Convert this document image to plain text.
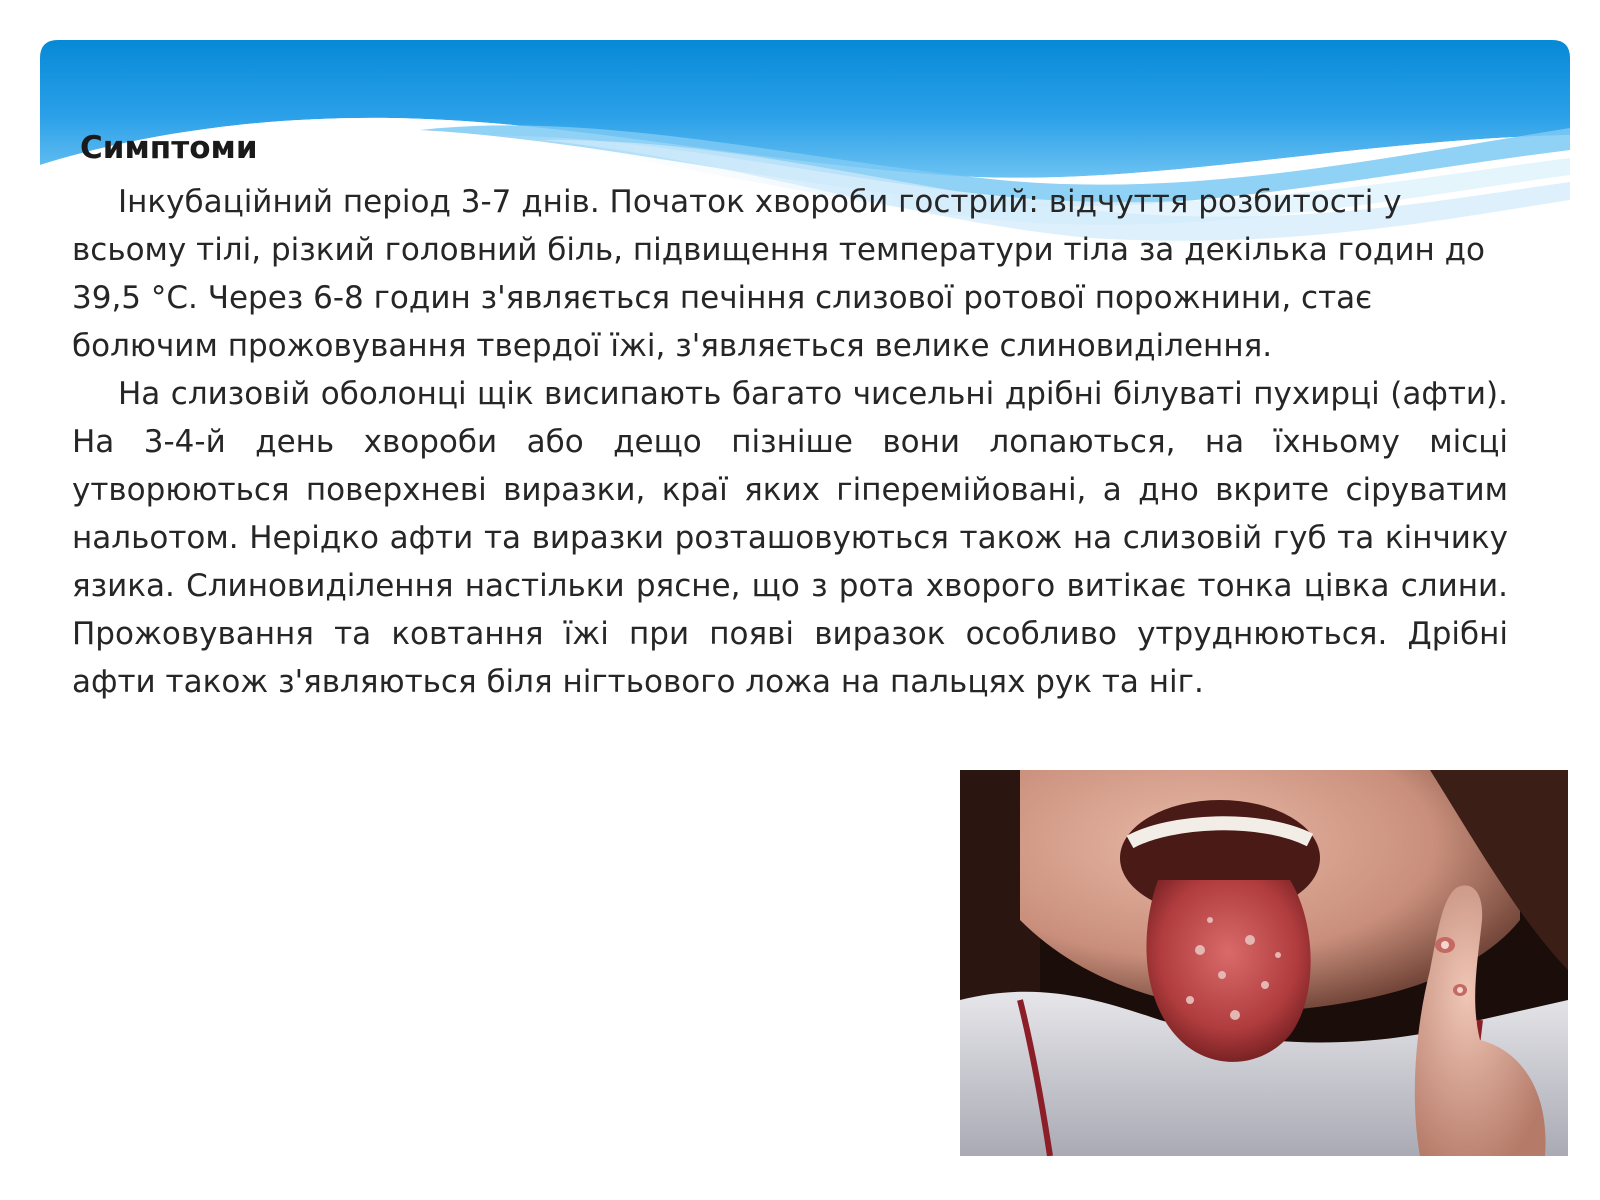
Симптоми

Інкубаційний період 3-7 днів. Початок хвороби гострий: відчуття розбитості у всьому тілі, різкий головний біль, підвищення температури тіла за декілька годин до 39,5 °С. Через 6-8 годин з'являється печіння слизової ротової порожнини, стає болючим прожовування твердої їжі, з'являється велике слиновиділення.

На слизовій оболонці щік висипають багато чисельні дрібні білуваті пухирці (афти). На 3-4-й день хвороби або дещо пізніше вони лопаються, на їхньому місці утворюються поверхневі виразки, краї яких гіперемійовані, а дно вкрите сіруватим нальотом. Нерідко афти та виразки розташовуються також на слизовій губ та кінчику язика. Слиновиділення настільки рясне, що з рота хворого витікає тонка цівка слини. Прожовування та ковтання їжі при появі виразок особливо утруднюються. Дрібні афти також з'являються біля нігтьового ложа на пальцях рук та ніг.
